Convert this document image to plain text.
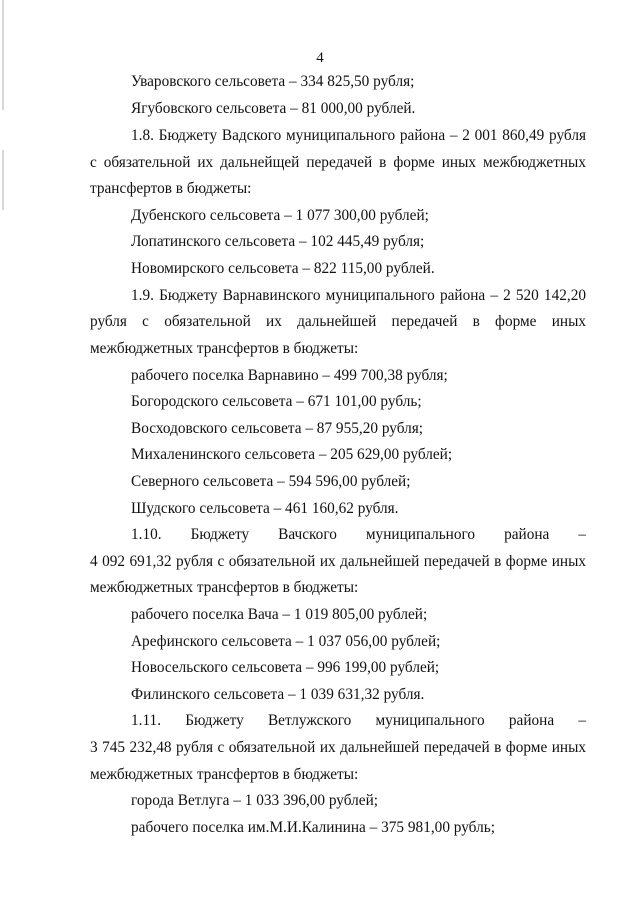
4
Уваровского сельсовета – 334 825,50 рубля;
Ягубовского сельсовета – 81 000,00 рублей.
1.8. Бюджету Вадского муниципального района – 2 001 860,49 рубля
с обязательной их дальнейщей передачей в форме иных межбюджетных
трансфертов в бюджеты:
Дубенского сельсовета – 1 077 300,00 рублей;
Лопатинского сельсовета – 102 445,49 рубля;
Новомирского сельсовета – 822 115,00 рублей.
1.9. Бюджету Варнавинского муниципального района – 2 520 142,20
рубля с обязательной их дальнейшей передачей в форме иных
межбюджетных трансфертов в бюджеты:
рабочего поселка Варнавино – 499 700,38 рубля;
Богородского сельсовета – 671 101,00 рубль;
Восходовского сельсовета – 87 955,20 рубля;
Михаленинского сельсовета – 205 629,00 рублей;
Северного сельсовета – 594 596,00 рублей;
Шудского сельсовета – 461 160,62 рубля.
1.10. Бюджету Вачского муниципального района –
4 092 691,32 рубля с обязательной их дальнейшей передачей в форме иных
межбюджетных трансфертов в бюджеты:
рабочего поселка Вача – 1 019 805,00 рублей;
Арефинского сельсовета – 1 037 056,00 рублей;
Новосельского сельсовета – 996 199,00 рублей;
Филинского сельсовета – 1 039 631,32 рубля.
1.11. Бюджету Ветлужского муниципального района –
3 745 232,48 рубля с обязательной их дальнейшей передачей в форме иных
межбюджетных трансфертов в бюджеты:
города Ветлуга – 1 033 396,00 рублей;
рабочего поселка им.М.И.Калинина – 375 981,00 рубль;
